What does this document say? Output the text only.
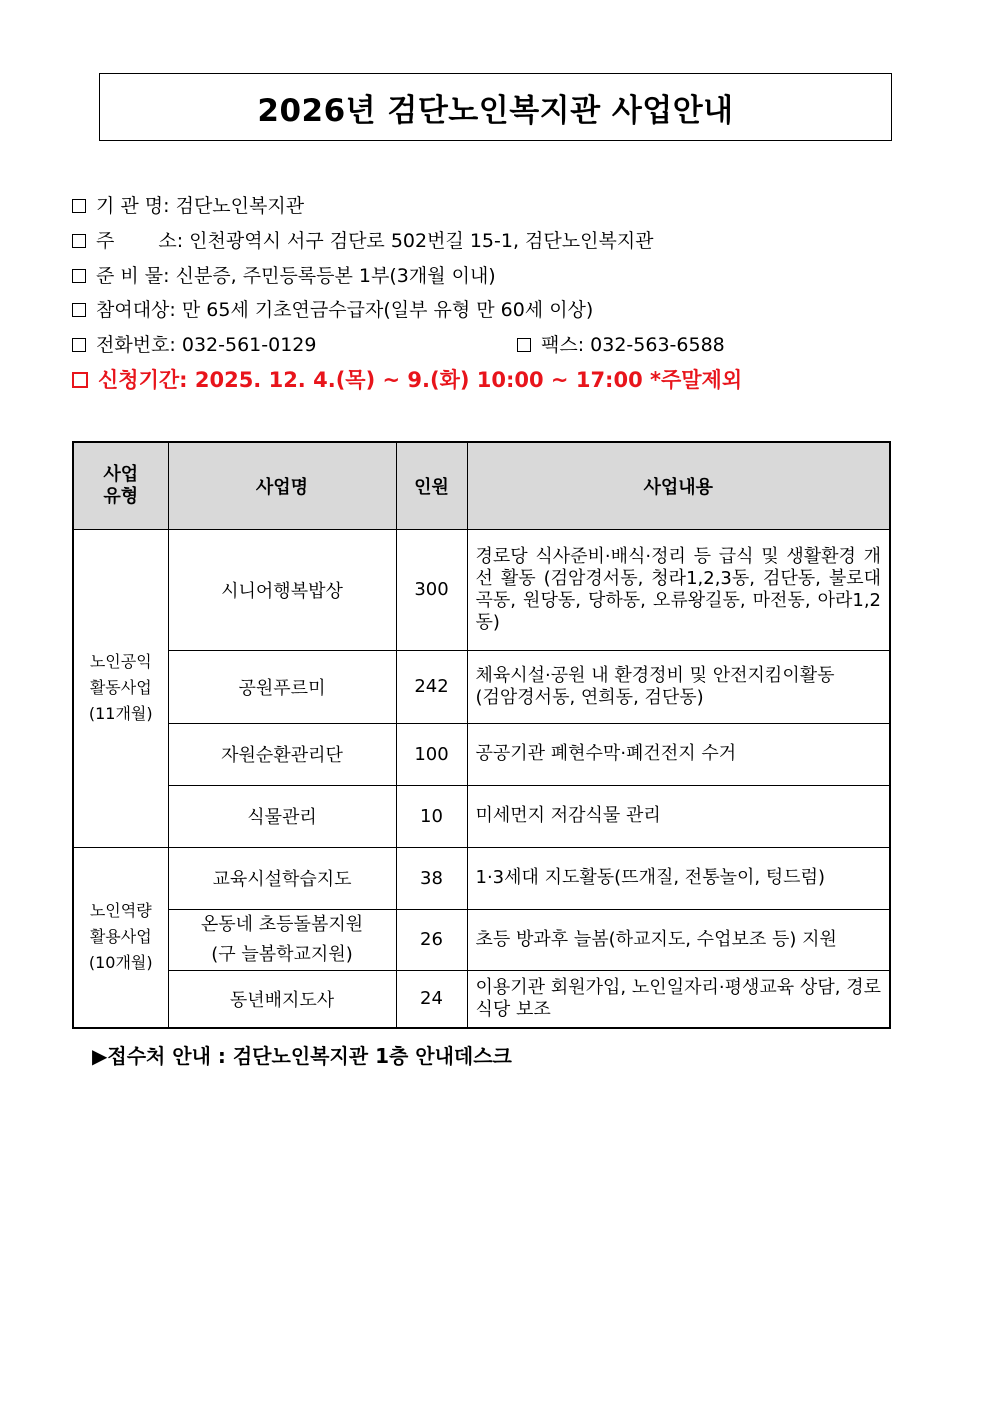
2026년 검단노인복지관 사업안내
기 관 명: 검단노인복지관
주 소: 인천광역시 서구 검단로 502번길 15-1, 검단노인복지관
준 비 물: 신분증, 주민등록등본 1부(3개월 이내)
참여대상: 만 65세 기초연금수급자(일부 유형 만 60세 이상)
전화번호: 032-561-0129	팩스: 032-563-6588
신청기간: 2025. 12. 4.(목) ~ 9.(화) 10:00 ~ 17:00 *주말제외
사업
유형	사업명	인원	사업내용

노인공익
활동사업
(11개월)	시니어행복밥상	300	경로당 식사준비·배식·정리 등 급식 및 생활환경 개선 활동 (검암경서동, 청라1,2,3동, 검단동, 불로대곡동, 원당동, 당하동, 오류왕길동, 마전동, 아라1,2동)
	공원푸르미	242	체육시설·공원 내 환경정비 및 안전지킴이활동
(검암경서동, 연희동, 검단동)

	자원순환관리단	100	공공기관 폐현수막·폐건전지 수거
	식물관리	10	미세먼지 저감식물 관리

노인역량
활용사업
(10개월)	교육시설학습지도	38	1·3세대 지도활동(뜨개질, 전통놀이, 텅드럼)

	온동네 초등돌봄지원
(구 늘봄학교지원)	26	초등 방과후 늘봄(하교지도, 수업보조 등) 지원
	동년배지도사	24	이용기관 회원가입, 노인일자리·평생교육 상담, 경로식당 보조
▶접수처 안내 : 검단노인복지관 1층 안내데스크
